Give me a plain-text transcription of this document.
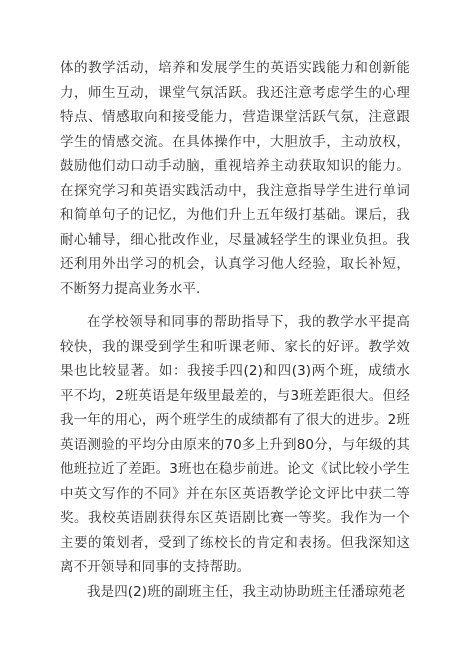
体的教学活动，培养和发展学生的英语实践能力和创新能力，师生互动，课堂气氛活跃。我还注意考虑学生的心理特点、情感取向和接受能力，营造课堂活跃气氛，注意跟学生的情感交流。在具体操作中，大胆放手，主动放权，鼓励他们动口动手动脑，重视培养主动获取知识的能力。在探究学习和英语实践活动中，我注意指导学生进行单词和简单句子的记忆，为他们升上五年级打基础。课后，我耐心辅导，细心批改作业，尽量减轻学生的课业负担。我还利用外出学习的机会，认真学习他人经验，取长补短，不断努力提高业务水平.

在学校领导和同事的帮助指导下，我的教学水平提高较快，我的课受到学生和听课老师、家长的好评。教学效果也比较显著。如：我接手四(2)和四(3)两个班，成绩水平不均，2班英语是年级里最差的，与3班差距很大。但经我一年的用心，两个班学生的成绩都有了很大的进步。2班英语测验的平均分由原来的70多上升到80分，与年级的其他班拉近了差距。3班也在稳步前进。论文《试比较小学生中英文写作的不同》并在东区英语教学论文评比中获二等奖。我校英语剧获得东区英语剧比赛一等奖。我作为一个主要的策划者，受到了练校长的肯定和表扬。但我深知这离不开领导和同事的支持帮助。

我是四(2)班的副班主任，我主动协助班主任潘琼苑老
